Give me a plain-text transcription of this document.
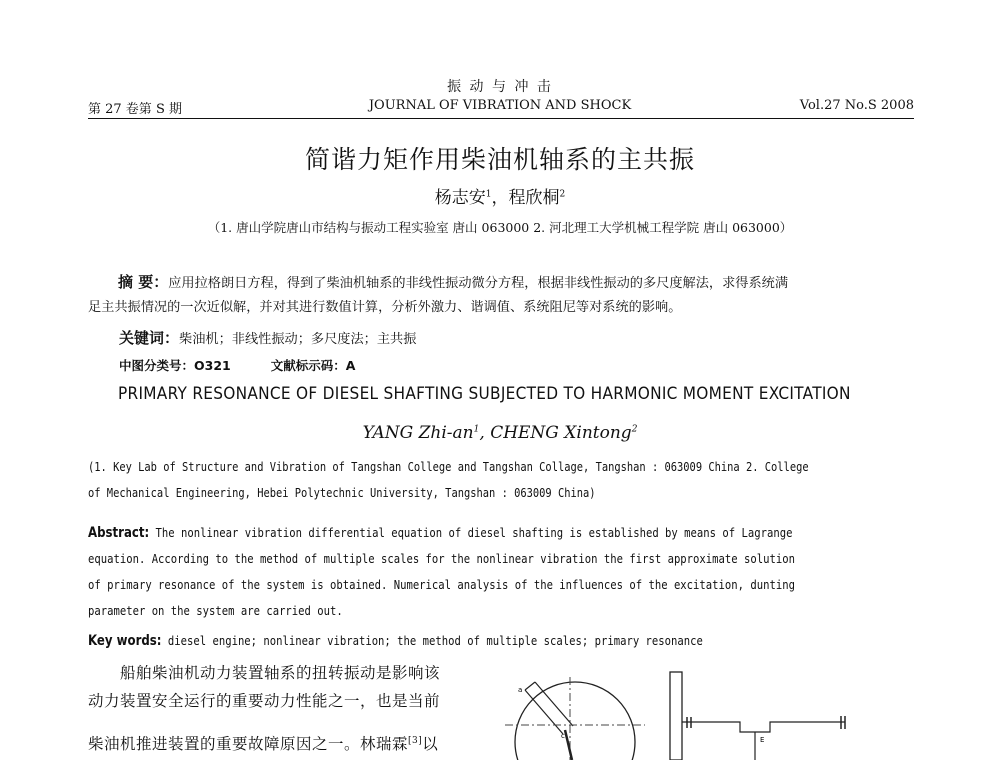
振 动 与 冲 击
第 27 卷第 S 期	JOURNAL OF VIBRATION AND SHOCK	Vol.27 No.S 2008
简谐力矩作用柴油机轴系的主共振
杨志安$^1$，程欣桐$^2$
（1. 唐山学院唐山市结构与振动工程实验室 唐山 063000 2. 河北理工大学机械工程学院 唐山 063000）
摘 要：应用拉格朗日方程，得到了柴油机轴系的非线性振动微分方程，根据非线性振动的多尺度解法，求得系统满
足主共振情况的一次近似解，并对其进行数值计算，分析外激力、谐调值、系统阻尼等对系统的影响。
关键词：柴油机；非线性振动；多尺度法；主共振
中图分类号：O321	文献标示码：A
PRIMARY RESONANCE OF DIESEL SHAFTING SUBJECTED TO HARMONIC MOMENT EXCITATION
YANG Zhi-$an^1$, CHENG Xintong$^2$
(1. Key Lab of Structure and Vibration of Tangshan College and Tangshan Collage, Tangshan : 063009 China 2. College
of Mechanical Engineering, Hebei Polytechnic University, Tangshan : 063009 China)
Abstract: The nonlinear vibration differential equation of diesel shafting is established by means of Lagrange
equation. According to the method of multiple scales for the nonlinear vibration the first approximate solution
of primary resonance of the system is obtained. Numerical analysis of the influences of the excitation, dunting
parameter on the system are carried out.
Key words: diesel engine; nonlinear vibration; the method of multiple scales; primary resonance
船舶柴油机动力装置轴系的扭转振动是影响该
动力装置安全运行的重要动力性能之一，也是当前
柴油机推进装置的重要故障原因之一。林瑞霖[3]以
a
c	E
